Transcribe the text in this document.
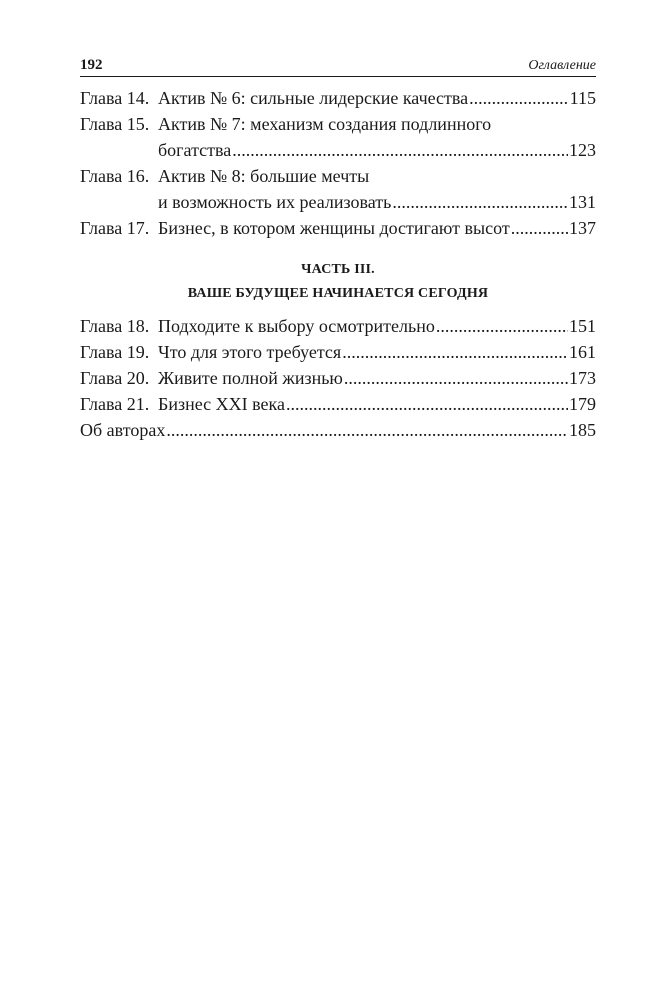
192	Оглавление
Глава 14. Актив № 6: сильные лидерские качества .....	115
Глава 15. Актив № 7: механизм создания подлинного
богатства .....	123
Глава 16. Актив № 8: большие мечты
и возможность их реализовать .....	131
Глава 17. Бизнес, в котором женщины достигают высот .....	137
ЧАСТЬ III.
ВАШЕ БУДУЩЕЕ НАЧИНАЕТСЯ СЕГОДНЯ
Глава 18. Подходите к выбору осмотрительно .....	151
Глава 19. Что для этого требуется .....	161
Глава 20. Живите полной жизнью .....	173
Глава 21. Бизнес XXI века .....	179
Об авторах .....	185
